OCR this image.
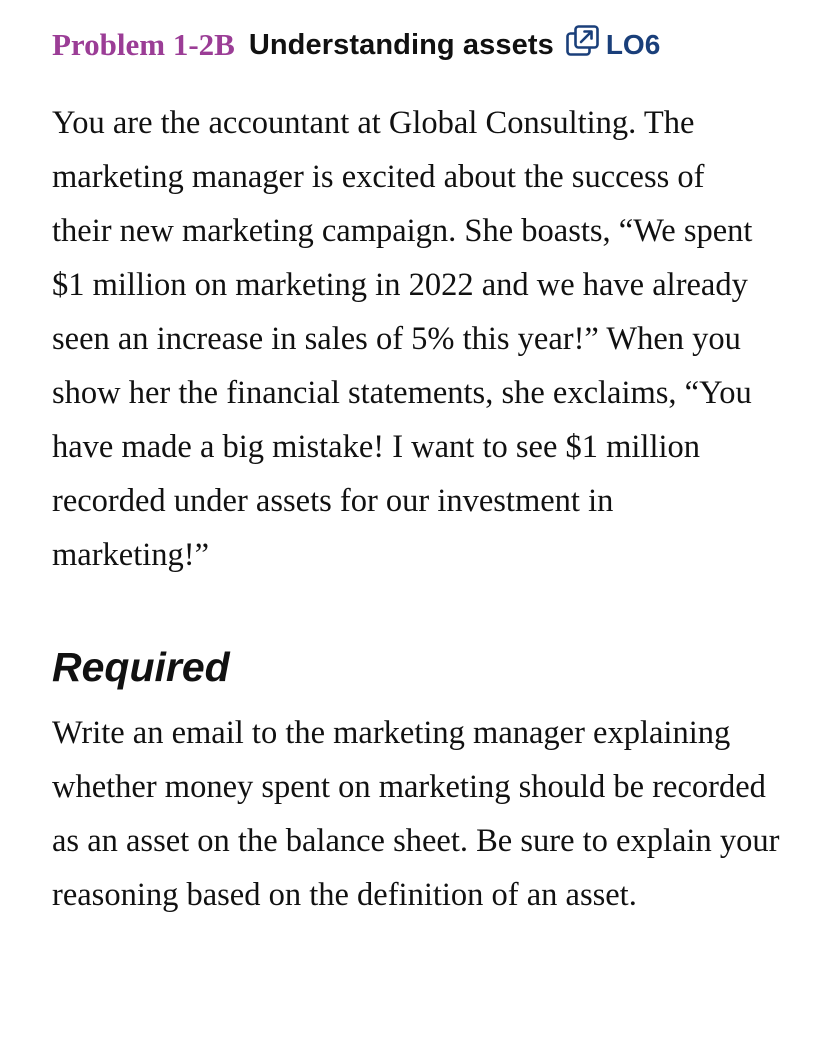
Problem 1-2B Understanding assets LO6

You are the accountant at Global Consulting. The marketing manager is excited about the success of their new marketing campaign. She boasts, “We spent $1 million on marketing in 2022 and we have already seen an increase in sales of 5% this year!” When you show her the financial statements, she exclaims, “You have made a big mistake! I want to see $1 million recorded under assets for our investment in marketing!”

Required

Write an email to the marketing manager explaining whether money spent on marketing should be recorded as an asset on the balance sheet. Be sure to explain your reasoning based on the definition of an asset.
